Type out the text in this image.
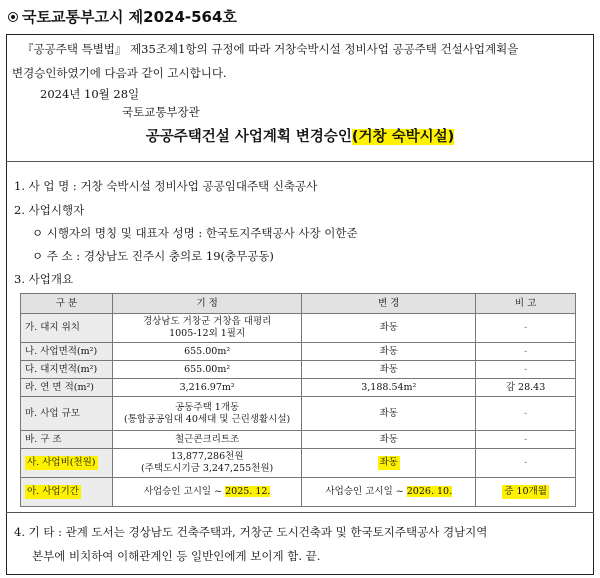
국토교통부고시 제2024-564호
『공공주택 특별법』 제35조제1항의 규정에 따라 거창숙박시설 정비사업 공공주택 건설사업계획을
변경승인하였기에 다음과 같이 고시합니다.
2024년 10월 28일
국토교통부장관
공공주택건설 사업계획 변경승인(거창 숙박시설)
1. 사 업 명 : 거창 숙박시설 정비사업 공공임대주택 신축공사
2. 사업시행자
ㅇ 시행자의 명칭 및 대표자 성명 : 한국토지주택공사 사장 이한준
ㅇ 주 소 : 경상남도 진주시 충의로 19(충무공동)
3. 사업개요
구 분	기 정	변 경	비 고
가. 대지 위치	경상남도 거창군 거창읍 대평리
1005-12외 1필지	좌동	-
나. 사업면적(m²)	655.00m²	좌동	-
다. 대지면적(m²)	655.00m²	좌동	-
라. 연 면 적(m²)	3,216.97m²	3,188.54m²	감 28.43
마. 사업 규모	공동주택 1개동
(통합공공임대 40세대 및 근린생활시설)	좌동	-
바. 구 조	철근콘크리트조	좌동	-
사. 사업비(천원)	13,877,286천원
(주택도시기금 3,247,255천원)	좌동	-
아. 사업기간	사업승인 고시일 ~ 2025. 12.	사업승인 고시일 ~ 2026. 10.	증 10개월
4. 기 타 : 관계 도서는 경상남도 건축주택과, 거창군 도시건축과 및 한국토지주택공사 경남지역
본부에 비치하여 이해관계인 등 일반인에게 보이게 함. 끝.
